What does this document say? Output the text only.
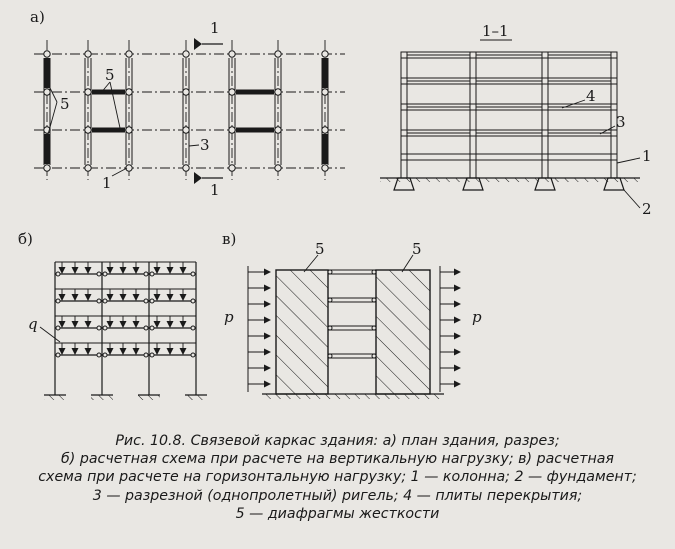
а)
б)	в)
1–1
1
1
5
5
3
1
4
3
1
2
q	p	p
5	5
Рис. 10.8. Связевой каркас здания: а) план здания, разрез;
б) расчетная схема при расчете на вертикальную нагрузку; в) расчетная
схема при расчете на горизонтальную нагрузку; 1 — колонна; 2 — фундамент;
3 — разрезной (однопролетный) ригель; 4 — плиты перекрытия;
5 — диафрагмы жесткости
